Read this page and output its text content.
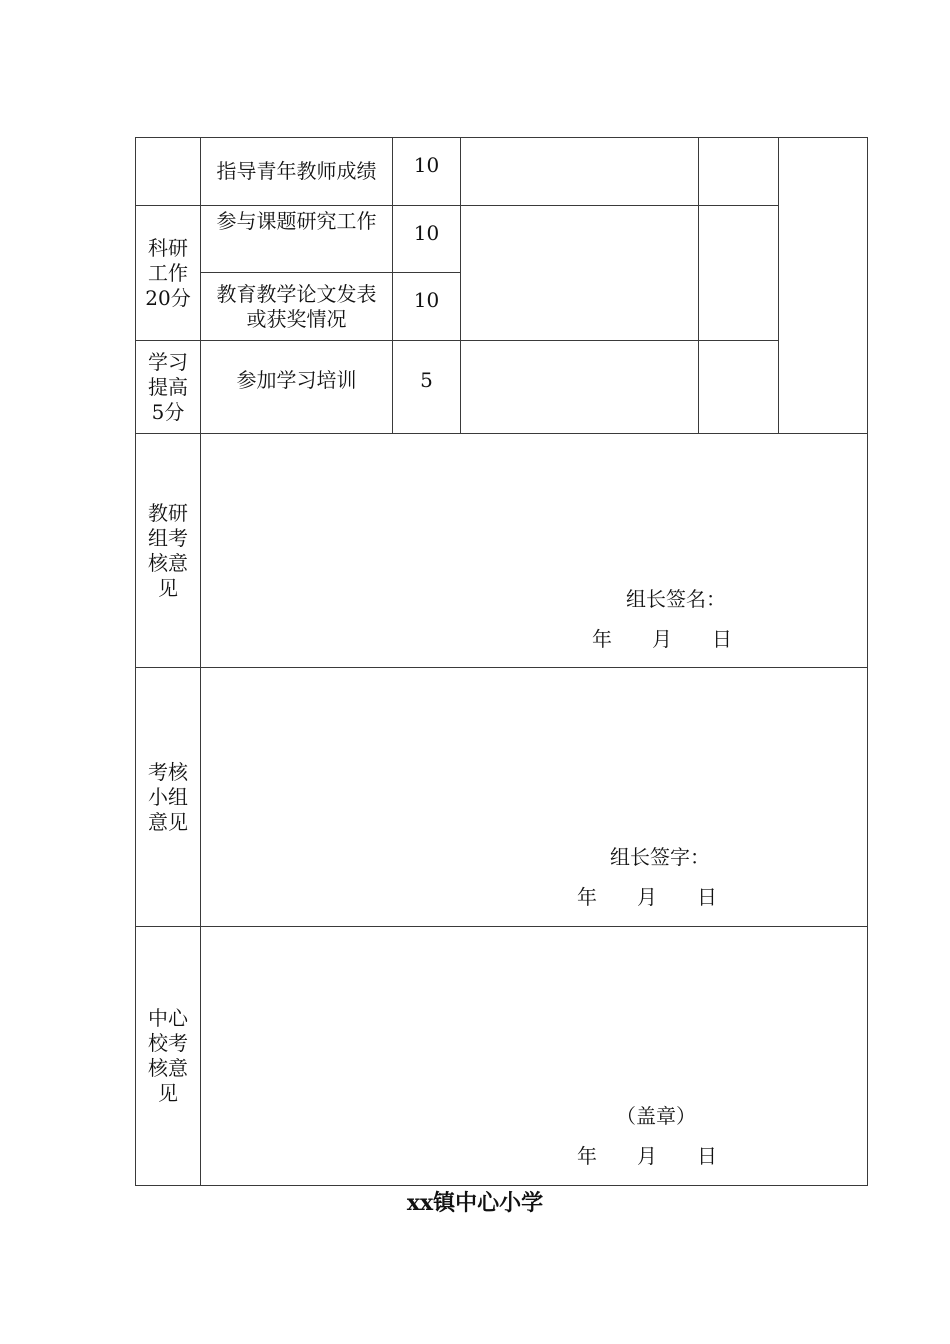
科研工作20分
学习提高5分
指导青年教师成绩
参与课题研究工作
教育教学论文发表或获奖情况
参加学习培训
10
10
10
5
教研组考核意见
考核小组意见
中心校考核意见
组长签名：
年　　月　　日
组长签字：
年　　月　　日
（盖章）
年　　月　　日
xx镇中心小学
